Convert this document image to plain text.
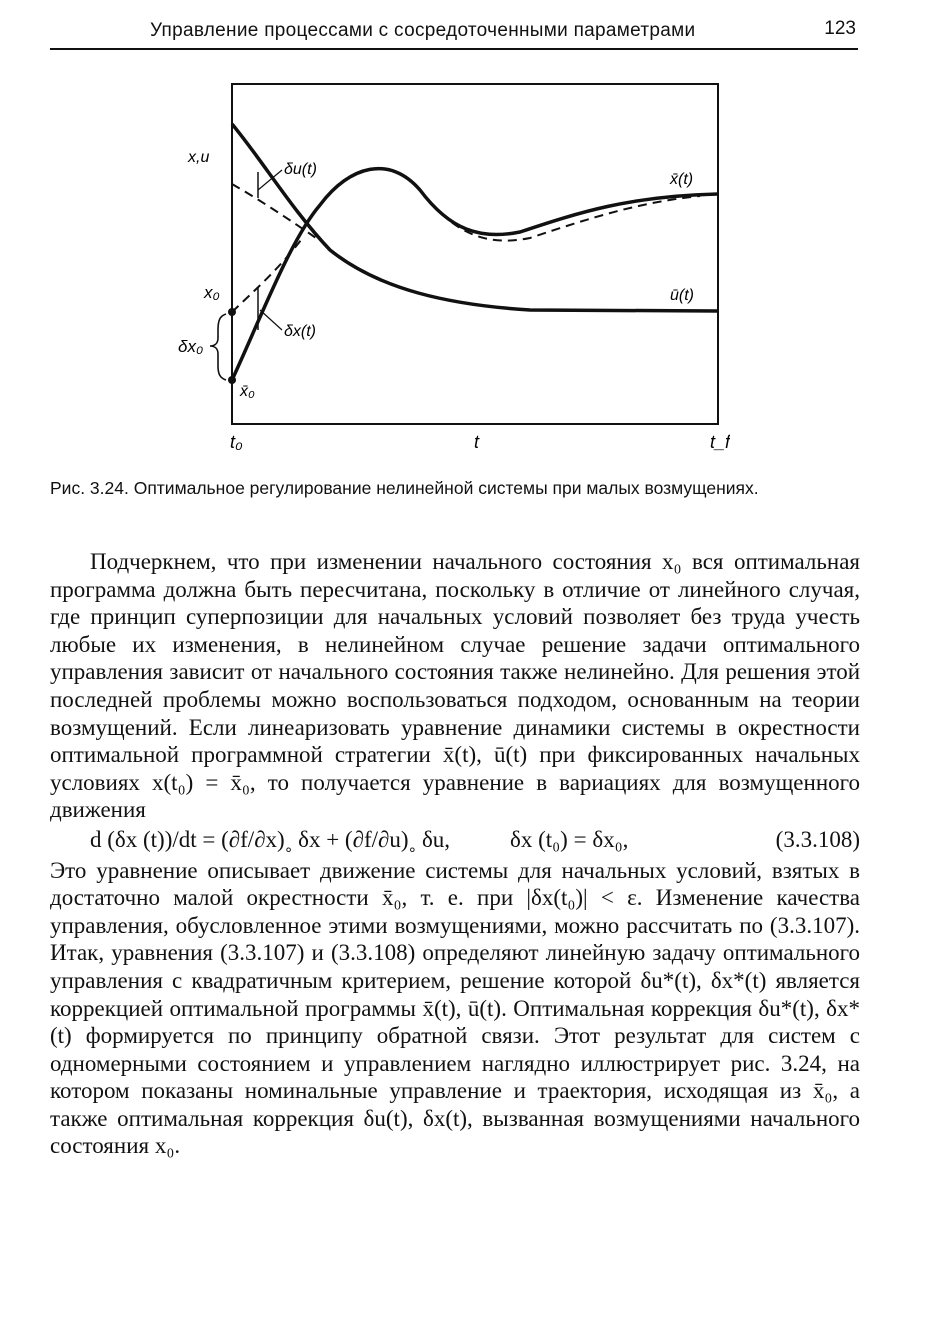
Управление процессами с сосредоточенными параметрами	123
x,u
x₀
δx₀
x̄₀
δu(t)
δx(t)
x̄(t)
ū(t)
t₀	t	t_f
Рис. 3.24. Оптимальное регулирование нелинейной системы при малых возмущениях.

Подчеркнем, что при изменении начального состояния x₀ вся оптимальная программа должна быть пересчитана, поскольку в отличие от линейного случая, где принцип суперпозиции для начальных условий позволяет без труда учесть любые их изменения, в нелинейном случае решение задачи оптимального управления зависит от начального состояния также нелинейно. Для решения этой последней проблемы можно воспользоваться подходом, основанным на теории возмущений. Если линеаризовать уравнение динамики системы в окрестности оптимальной программной стратегии x̄(t), ū(t) при фиксированных начальных условиях x(t₀) = x̄₀, то получается уравнение в вариациях для возмущенного движения

d (δx (t))/dt = (∂f/∂x)˳ δx + (∂f/∂u)˳ δu,	δx (t₀) = δx₀,	(3.3.108)

Это уравнение описывает движение системы для начальных условий, взятых в достаточно малой окрестности x̄₀, т. е. при |δx(t₀)| < ε. Изменение качества управления, обусловленное этими возмущениями, можно рассчитать по (3.3.107). Итак, уравнения (3.3.107) и (3.3.108) определяют линейную задачу оптимального управления с квадратичным критерием, решение которой δu*(t), δx*(t) является коррекцией оптимальной программы x̄(t), ū(t). Оптимальная коррекция δu*(t), δx*(t) формируется по принципу обратной связи. Этот результат для систем с одномерными состоянием и управлением наглядно иллюстрирует рис. 3.24, на котором показаны номинальные управление и траектория, исходящая из x̄₀, а также оптимальная коррекция δu(t), δx(t), вызванная возмущениями начального состояния x₀.
